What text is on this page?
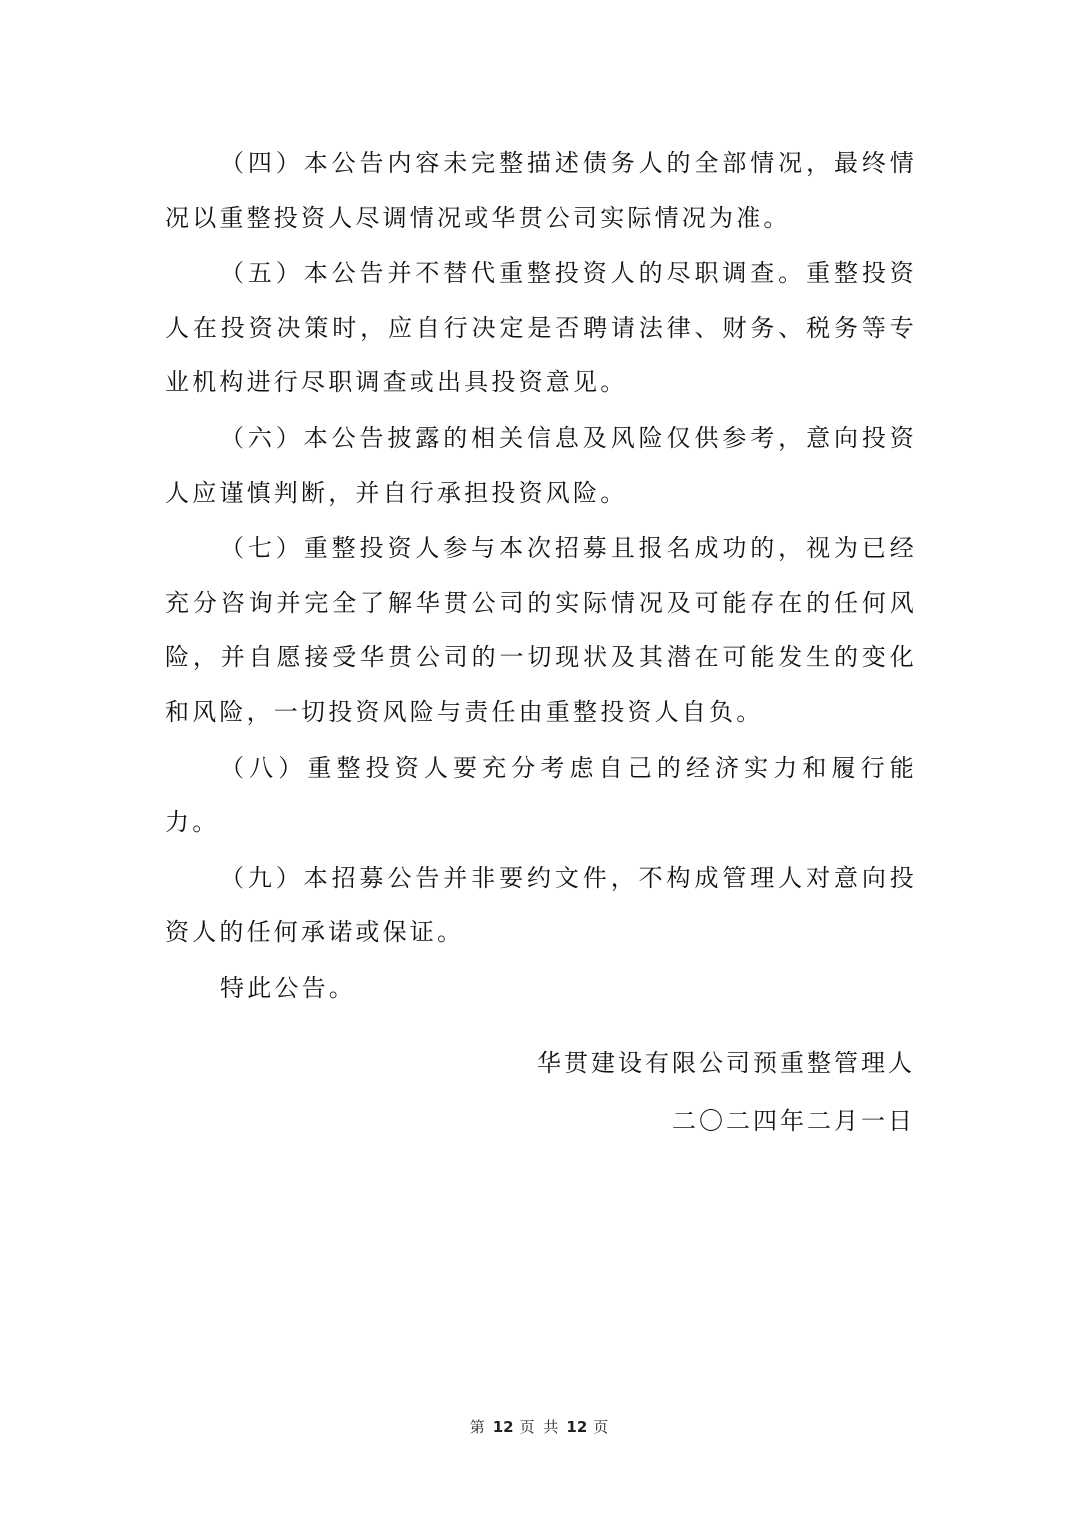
（四）本公告内容未完整描述债务人的全部情况，最终情况以重整投资人尽调情况或华贯公司实际情况为准。

（五）本公告并不替代重整投资人的尽职调查。重整投资人在投资决策时，应自行决定是否聘请法律、财务、税务等专业机构进行尽职调查或出具投资意见。

（六）本公告披露的相关信息及风险仅供参考，意向投资人应谨慎判断，并自行承担投资风险。

（七）重整投资人参与本次招募且报名成功的，视为已经充分咨询并完全了解华贯公司的实际情况及可能存在的任何风险，并自愿接受华贯公司的一切现状及其潜在可能发生的变化和风险，一切投资风险与责任由重整投资人自负。

（八）重整投资人要充分考虑自己的经济实力和履行能力。

（九）本招募公告并非要约文件，不构成管理人对意向投资人的任何承诺或保证。

特此公告。

华贯建设有限公司预重整管理人

二〇二四年二月一日

第 12 页 共 12 页
